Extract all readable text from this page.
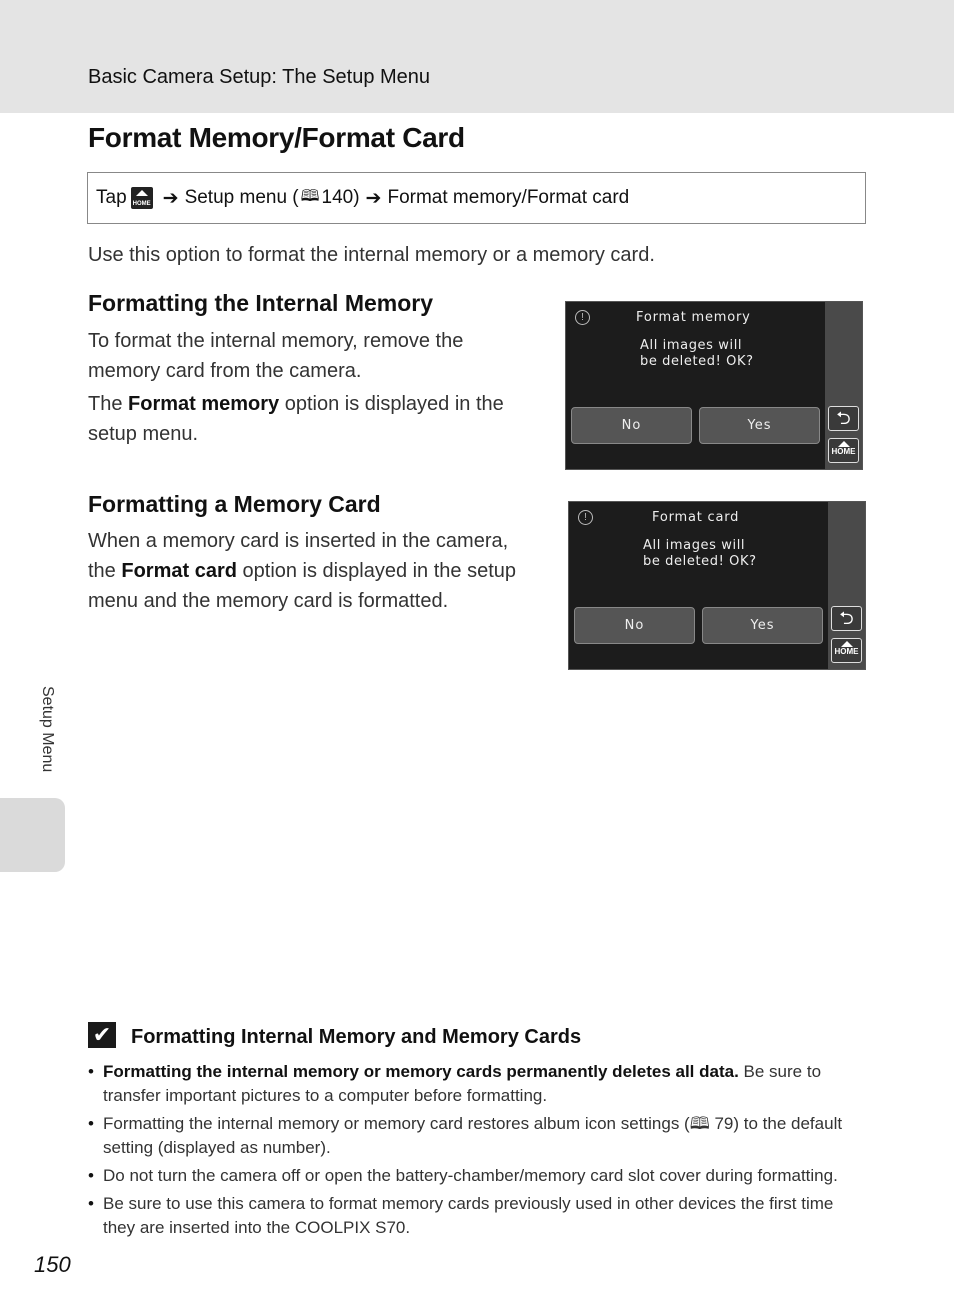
Basic Camera Setup: The Setup Menu
Format Memory/Format Card
Tap HOME ➔ Setup menu ( 🕮 140) ➔ Format memory/Format card

Use this option to format the internal memory or a memory card.

Formatting the Internal Memory

To format the internal memory, remove the memory card from the camera.

The Format memory option is displayed in the setup menu.

!	Format memory
All images will
be deleted! OK?
No	Yes	⮌
HOME
Formatting a Memory Card

When a memory card is inserted in the camera, the Format card option is displayed in the setup menu and the memory card is formatted.

!	Format card
All images will
be deleted! OK?
No	Yes	⮌
HOME
Setup Menu
✔ Formatting Internal Memory and Memory Cards
• Formatting the internal memory or memory cards permanently deletes all data. Be sure to transfer important pictures to a computer before formatting.
• Formatting the internal memory or memory card restores album icon settings (🕮 79) to the default setting (displayed as number).
• Do not turn the camera off or open the battery-chamber/memory card slot cover during formatting.
• Be sure to use this camera to format memory cards previously used in other devices the first time they are inserted into the COOLPIX S70.
150
